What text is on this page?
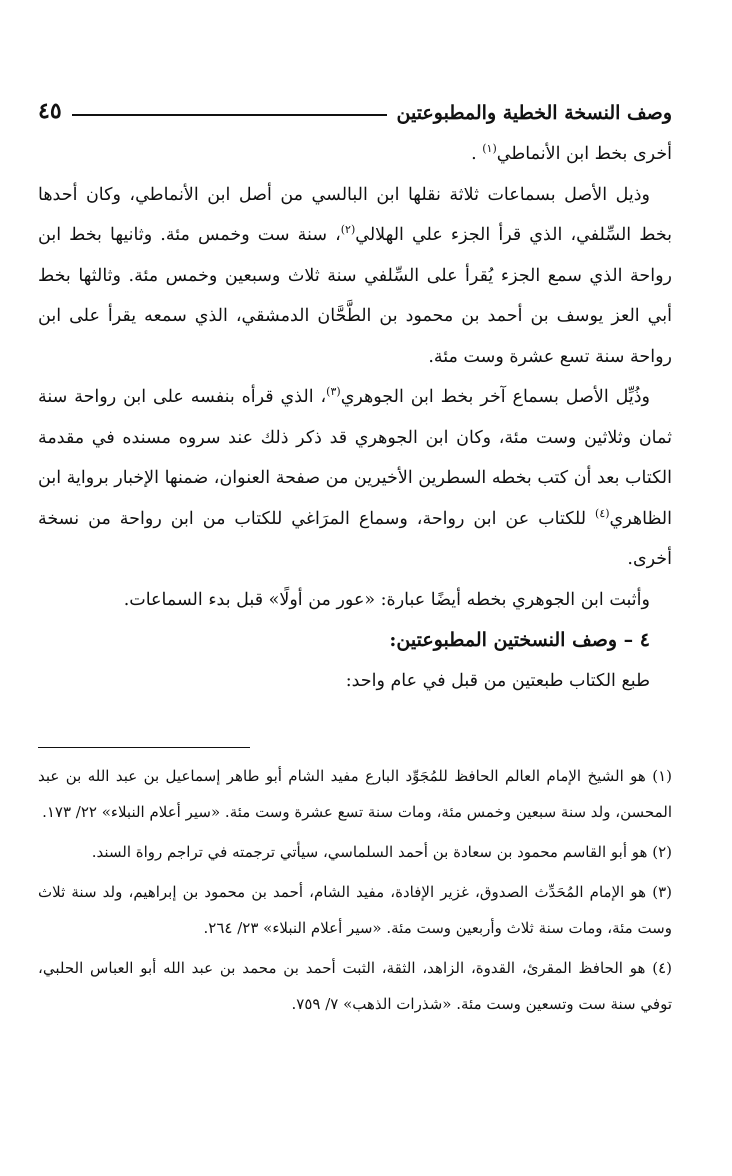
وصف النسخة الخطية والمطبوعتين
٤٥

أخرى بخط ابن الأنماطي$^{(١)}$ .

وذيل الأصل بسماعات ثلاثة نقلها ابن البالسي من أصل ابن الأنماطي، وكان أحدها بخط السِّلفي، الذي قرأ الجزء علي الهلالي$^{(٢)}$، سنة ست وخمس مئة. وثانيها بخط ابن رواحة الذي سمع الجزء يُقرأ على السِّلفي سنة ثلاث وسبعين وخمس مئة. وثالثها بخط أبي العز يوسف بن أحمد بن محمود بن الطَّحَّان الدمشقي، الذي سمعه يقرأ على ابن رواحة سنة تسع عشرة وست مئة.

وذُيِّل الأصل بسماع آخر بخط ابن الجوهري$^{(٣)}$، الذي قرأه بنفسه على ابن رواحة سنة ثمان وثلاثين وست مئة، وكان ابن الجوهري قد ذكر ذلك عند سروه مسنده في مقدمة الكتاب بعد أن كتب بخطه السطرين الأخيرين من صفحة العنوان، ضمنها الإخبار برواية ابن الظاهري$^{(٤)}$ للكتاب عن ابن رواحة، وسماع المرَاغي للكتاب من ابن رواحة من نسخة أخرى.

وأثبت ابن الجوهري بخطه أيضًا عبارة: «عور من أولًا» قبل بدء السماعات.

٤ – وصف النسختين المطبوعتين:

طبع الكتاب طبعتين من قبل في عام واحد:

(١) هو الشيخ الإمام العالم الحافظ للمُجَوِّد البارع مفيد الشام أبو طاهر إسماعيل بن عبد الله بن عبد المحسن، ولد سنة سبعين وخمس مئة، ومات سنة تسع عشرة وست مئة. «سير أعلام النبلاء» ٢٢/ ١٧٣.

(٢) هو أبو القاسم محمود بن سعادة بن أحمد السلماسي، سيأتي ترجمته في تراجم رواة السند.

(٣) هو الإمام المُحَدِّث الصدوق، غزير الإفادة، مفيد الشام، أحمد بن محمود بن إبراهيم، ولد سنة ثلاث وست مئة، ومات سنة ثلاث وأربعين وست مئة. «سير أعلام النبلاء» ٢٣/ ٢٦٤.

(٤) هو الحافظ المقرئ، القدوة، الزاهد، الثقة، الثبت أحمد بن محمد بن عبد الله أبو العباس الحلبي، توفي سنة ست وتسعين وست مئة. «شذرات الذهب» ٧/ ٧٥٩.
